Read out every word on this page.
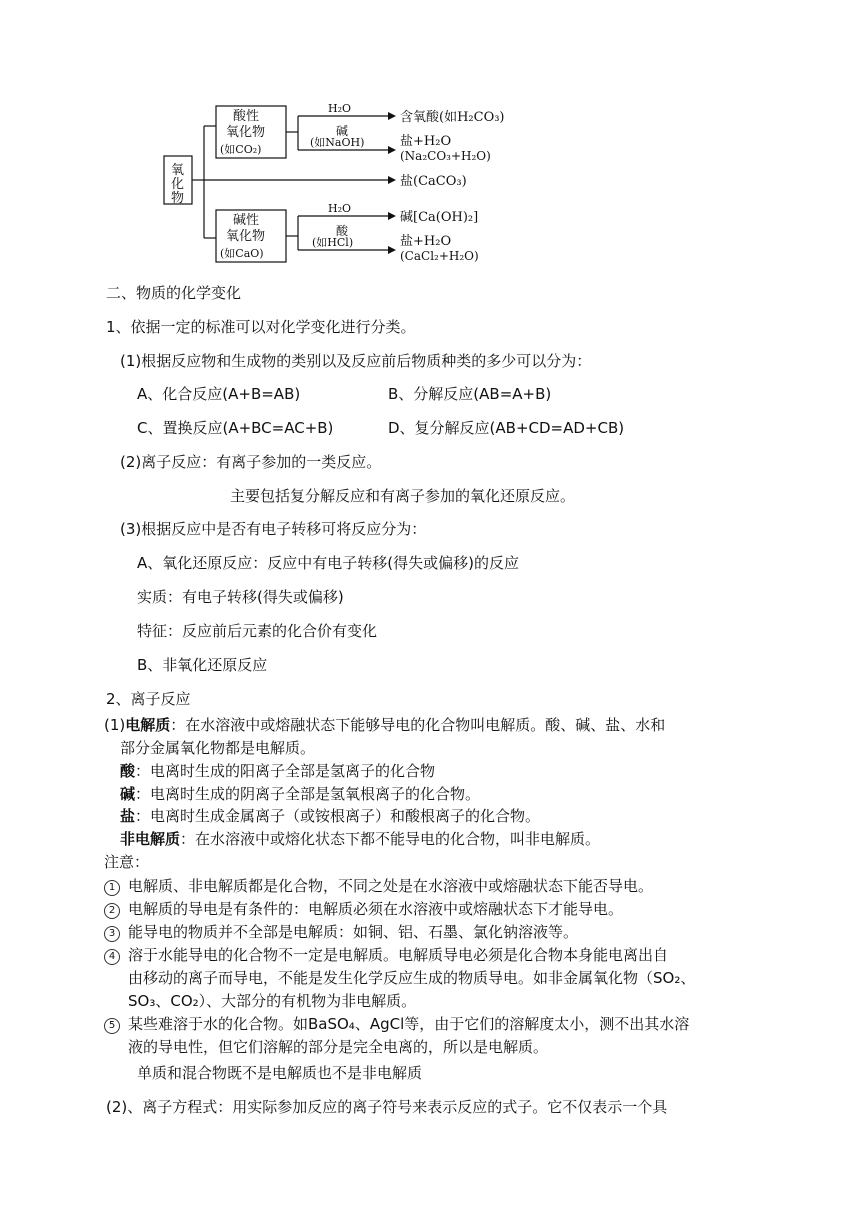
氧
化
物
酸性
氧化物
(如CO₂)
碱性
氧化物
(如CaO)
H₂O
含氧酸(如H₂CO₃)
碱
(如NaOH)	盐+H₂O
(Na₂CO₃+H₂O)
盐(CaCO₃)
H₂O
碱[Ca(OH)₂]
酸
(如HCl)	盐+H₂O
(CaCl₂+H₂O)
二、物质的化学变化
1、依据一定的标准可以对化学变化进行分类。
(1)根据反应物和生成物的类别以及反应前后物质种类的多少可以分为：
A、化合反应(A+B=AB)	B、分解反应(AB=A+B)
C、置换反应(A+BC=AC+B)	D、复分解反应(AB+CD=AD+CB)
(2)离子反应：有离子参加的一类反应。
主要包括复分解反应和有离子参加的氧化还原反应。
(3)根据反应中是否有电子转移可将反应分为：
A、氧化还原反应：反应中有电子转移(得失或偏移)的反应
实质：有电子转移(得失或偏移)
特征：反应前后元素的化合价有变化
B、非氧化还原反应
2、离子反应
(1)电解质：在水溶液中或熔融状态下能够导电的化合物叫电解质。酸、碱、盐、水和
部分金属氧化物都是电解质。
酸：电离时生成的阳离子全部是氢离子的化合物
碱：电离时生成的阴离子全部是氢氧根离子的化合物。
盐：电离时生成金属离子（或铵根离子）和酸根离子的化合物。
非电解质：在水溶液中或熔化状态下都不能导电的化合物，叫非电解质。
注意：
1 电解质、非电解质都是化合物，不同之处是在水溶液中或熔融状态下能否导电。
2 电解质的导电是有条件的：电解质必须在水溶液中或熔融状态下才能导电。
3 能导电的物质并不全部是电解质：如铜、铝、石墨、氯化钠溶液等。
4 溶于水能导电的化合物不一定是电解质。电解质导电必须是化合物本身能电离出自
由移动的离子而导电，不能是发生化学反应生成的物质导电。如非金属氧化物（SO₂、
SO₃、CO₂）、大部分的有机物为非电解质。
5 某些难溶于水的化合物。如BaSO₄、AgCl等，由于它们的溶解度太小，测不出其水溶
液的导电性，但它们溶解的部分是完全电离的，所以是电解质。
单质和混合物既不是电解质也不是非电解质
(2)、离子方程式：用实际参加反应的离子符号来表示反应的式子。它不仅表示一个具
